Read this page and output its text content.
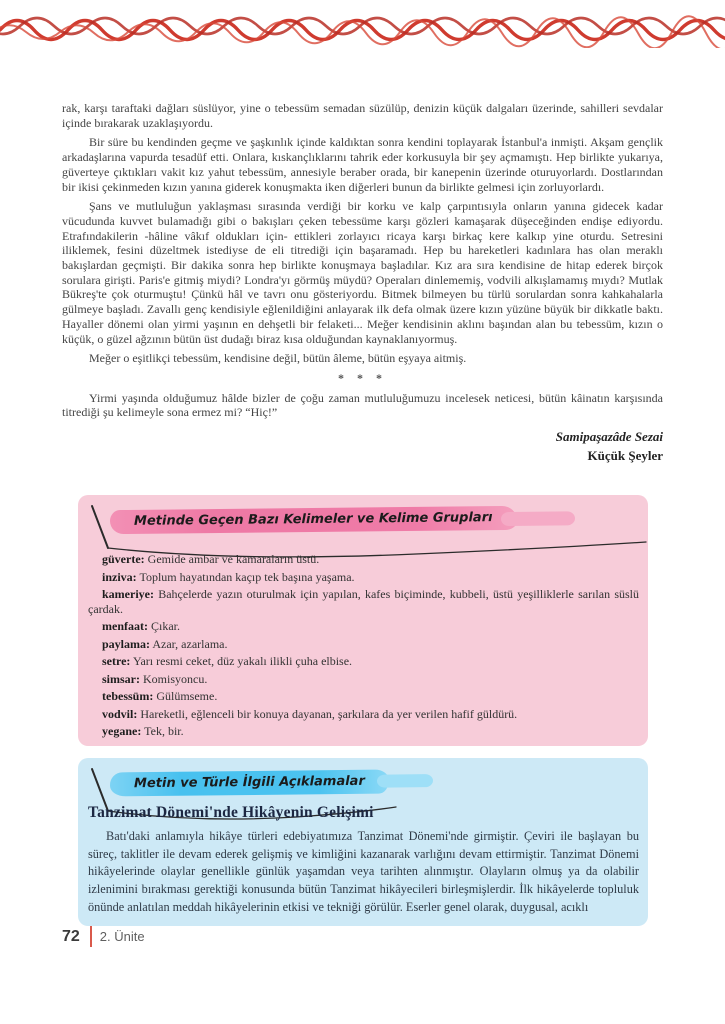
rak, karşı taraftaki dağları süslüyor, yine o tebessüm semadan süzülüp, denizin küçük dalgaları üzerinde, sahilleri sevdalar içinde bırakarak uzaklaşıyordu.

Bir süre bu kendinden geçme ve şaşkınlık içinde kaldıktan sonra kendini toplayarak İstanbul'a inmişti. Akşam gençlik arkadaşlarına vapurda tesadüf etti. Onlara, kıskançlıklarını tahrik eder korkusuyla bir şey açmamıştı. Hep birlikte yukarıya, güverteye çıktıkları vakit kız yahut tebessüm, annesiyle beraber orada, bir kanepenin üzerinde oturuyorlardı. Dostlarından bir ikisi çekinmeden kızın yanına giderek konuşmakta iken diğerleri bunun da birlikte gelmesi için zorluyorlardı.

Şans ve mutluluğun yaklaşması sırasında verdiği bir korku ve kalp çarpıntısıyla onların yanına gidecek kadar vücudunda kuvvet bulamadığı gibi o bakışları çeken tebessüme karşı gözleri kamaşarak düşeceğinden endişe ediyordu. Etrafındakilerin -hâline vâkıf oldukları için- ettikleri zorlayıcı ricaya karşı birkaç kere kalkıp yine oturdu. Setresini iliklemek, fesini düzeltmek istediyse de eli titrediği için başaramadı. Hep bu hareketleri kadınlara has olan meraklı bakışlardan geçmişti. Bir dakika sonra hep birlikte konuşmaya başladılar. Kız ara sıra kendisine de hitap ederek birçok sorulara girişti. Paris'e gitmiş miydi? Londra'yı görmüş müydü? Operaları dinlememiş, vodvili alkışlamamış mıydı? Mutlak Bükreş'te çok oturmuştu! Çünkü hâl ve tavrı onu gösteriyordu. Bitmek bilmeyen bu türlü sorulardan sonra kahkahalarla gülmeye başladı. Zavallı genç kendisiyle eğlenildiğini anlayarak ilk defa olmak üzere kızın yüzüne büyük bir dikkatle baktı. Hayaller dönemi olan yirmi yaşının en dehşetli bir felaketi... Meğer kendisinin aklını başından alan bu tebessüm, kızın o küçük, o güzel ağzının bütün üst dudağı biraz kısa olduğundan kaynaklanıyormuş.

Meğer o eşitlikçi tebessüm, kendisine değil, bütün âleme, bütün eşyaya aitmiş.

* * *

Yirmi yaşında olduğumuz hâlde bizler de çoğu zaman mutluluğumuzu incelesek neticesi, bütün kâinatın karşısında titrediği şu kelimeyle sona ermez mi? “Hiç!”

Samipaşazâde Sezai
Küçük Şeyler
Metinde Geçen Bazı Kelimeler ve Kelime Grupları

güverte: Gemide ambar ve kamaraların üstü.

inziva: Toplum hayatından kaçıp tek başına yaşama.

kameriye: Bahçelerde yazın oturulmak için yapılan, kafes biçiminde, kubbeli, üstü yeşilliklerle sarılan süslü çardak.

menfaat: Çıkar.

paylama: Azar, azarlama.

setre: Yarı resmi ceket, düz yakalı ilikli çuha elbise.

simsar: Komisyoncu.

tebessüm: Gülümseme.

vodvil: Hareketli, eğlenceli bir konuya dayanan, şarkılara da yer verilen hafif güldürü.

yegane: Tek, bir.

Metin ve Türle İlgili Açıklamalar
Tanzimat Dönemi'nde Hikâyenin Gelişimi

Batı'daki anlamıyla hikâye türleri edebiyatımıza Tanzimat Dönemi'nde girmiştir. Çeviri ile başlayan bu süreç, taklitler ile devam ederek gelişmiş ve kimliğini kazanarak varlığını devam ettirmiştir. Tanzimat Dönemi hikâyelerinde olaylar genellikle günlük yaşamdan veya tarihten alınmıştır. Olayların olmuş ya da olabilir izlenimini bırakması gerektiği konusunda bütün Tanzimat hikâyecileri birleşmişlerdir. İlk hikâyelerde topluluk önünde anlatılan meddah hikâyelerinin etkisi ve tekniği görülür. Eserler genel olarak, duygusal, acıklı

72 2. Ünite
